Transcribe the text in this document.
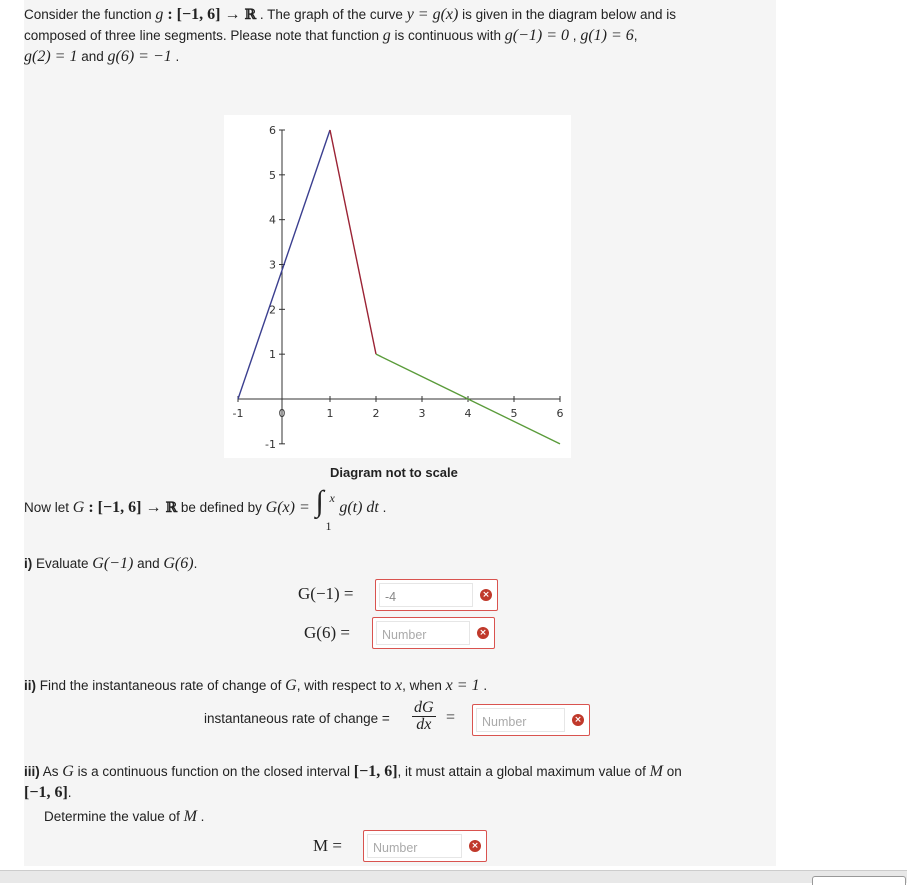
Consider the function g : [−1, 6] → ℝ . The graph of the curve y = g(x) is given in the diagram below and is
composed of three line segments. Please note that function g is continuous with g(−1) = 0 , g(1) = 6,
g(2) = 1 and g(6) = −1 .
-1	0	1	2	3	4	5	6
-1
1
2
3
4
5
6
Diagram not to scale
Now let G : [−1, 6] → ℝ be defined by G(x) = ∫ x
1
g(t) dt .
i) Evaluate G(−1) and G(6).
G(−1) =	-4	×
G(6) =	Number	×
ii) Find the instantaneous rate of change of G, with respect to x, when x = 1 .
instantaneous rate of change = $\frac{dG}{dx}$ =	Number	×
iii) As G is a continuous function on the closed interval [−1, 6], it must attain a global maximum value of M on
[−1, 6].
Determine the value of M .
M =	Number	×
